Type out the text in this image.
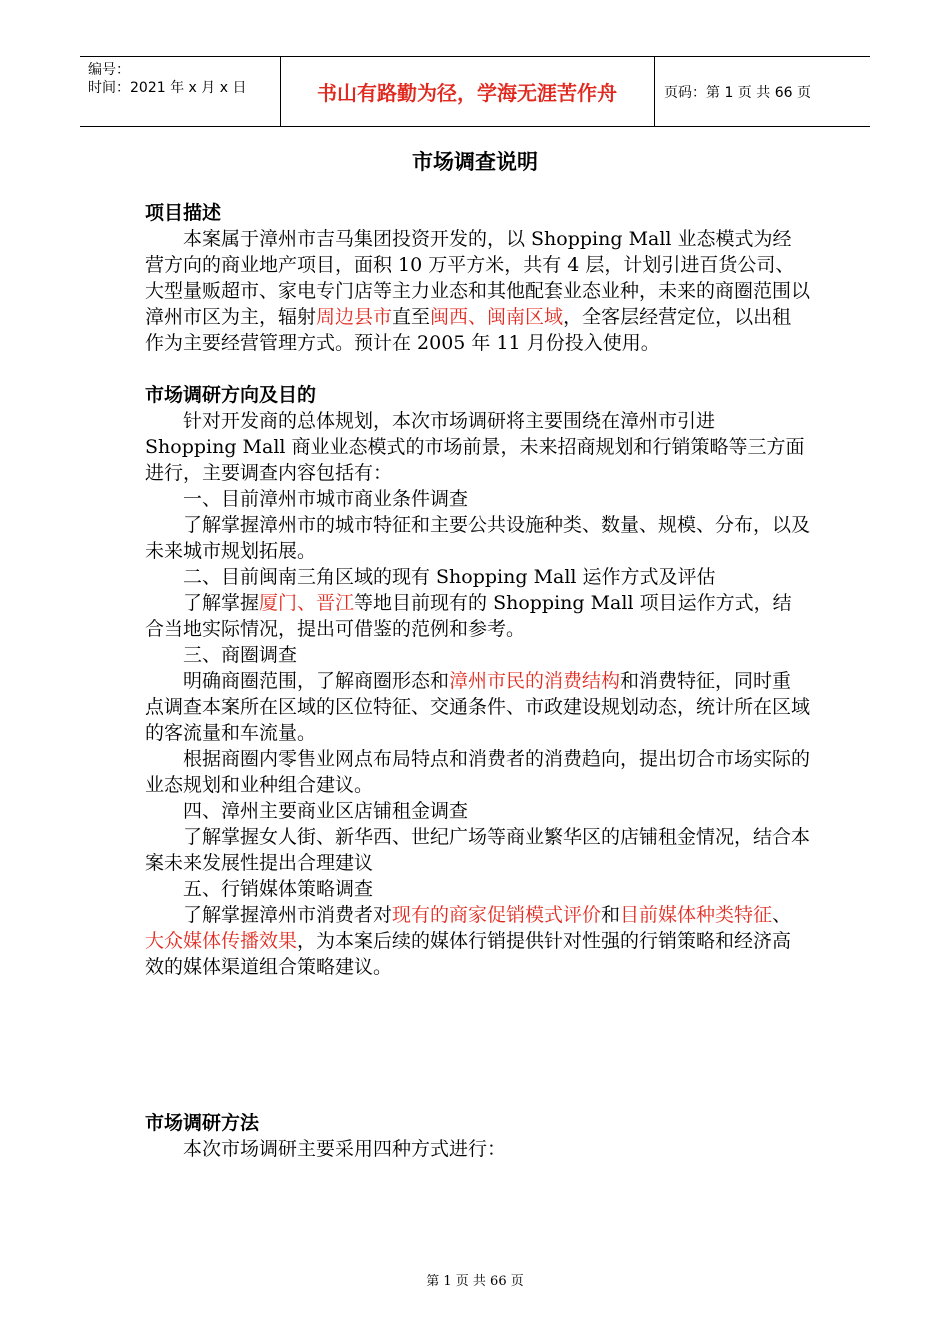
编号：
时间：2021 年 x 月 x 日	书山有路勤为径，学海无涯苦作舟	页码：第 1 页 共 66 页
市场调查说明

项目描述

本案属于漳州市吉马集团投资开发的，以 Shopping Mall 业态模式为经营方向的商业地产项目，面积 10 万平方米，共有 4 层，计划引进百货公司、大型量贩超市、家电专门店等主力业态和其他配套业态业种，未来的商圈范围以漳州市区为主，辐射周边县市直至闽西、闽南区域，全客层经营定位，以出租作为主要经营管理方式。预计在 2005 年 11 月份投入使用。

市场调研方向及目的

针对开发商的总体规划，本次市场调研将主要围绕在漳州市引进 Shopping Mall 商业业态模式的市场前景，未来招商规划和行销策略等三方面进行，主要调查内容包括有：

一、目前漳州市城市商业条件调查

了解掌握漳州市的城市特征和主要公共设施种类、数量、规模、分布，以及未来城市规划拓展。

二、目前闽南三角区域的现有 Shopping Mall 运作方式及评估

了解掌握厦门、晋江等地目前现有的 Shopping Mall 项目运作方式，结合当地实际情况，提出可借鉴的范例和参考。

三、商圈调查

明确商圈范围，了解商圈形态和漳州市民的消费结构和消费特征，同时重点调查本案所在区域的区位特征、交通条件、市政建设规划动态，统计所在区域的客流量和车流量。

根据商圈内零售业网点布局特点和消费者的消费趋向，提出切合市场实际的业态规划和业种组合建议。

四、漳州主要商业区店铺租金调查

了解掌握女人街、新华西、世纪广场等商业繁华区的店铺租金情况，结合本案未来发展性提出合理建议

五、行销媒体策略调查

了解掌握漳州市消费者对现有的商家促销模式评价和目前媒体种类特征、大众媒体传播效果，为本案后续的媒体行销提供针对性强的行销策略和经济高效的媒体渠道组合策略建议。

市场调研方法

本次市场调研主要采用四种方式进行：

第 1 页 共 66 页
